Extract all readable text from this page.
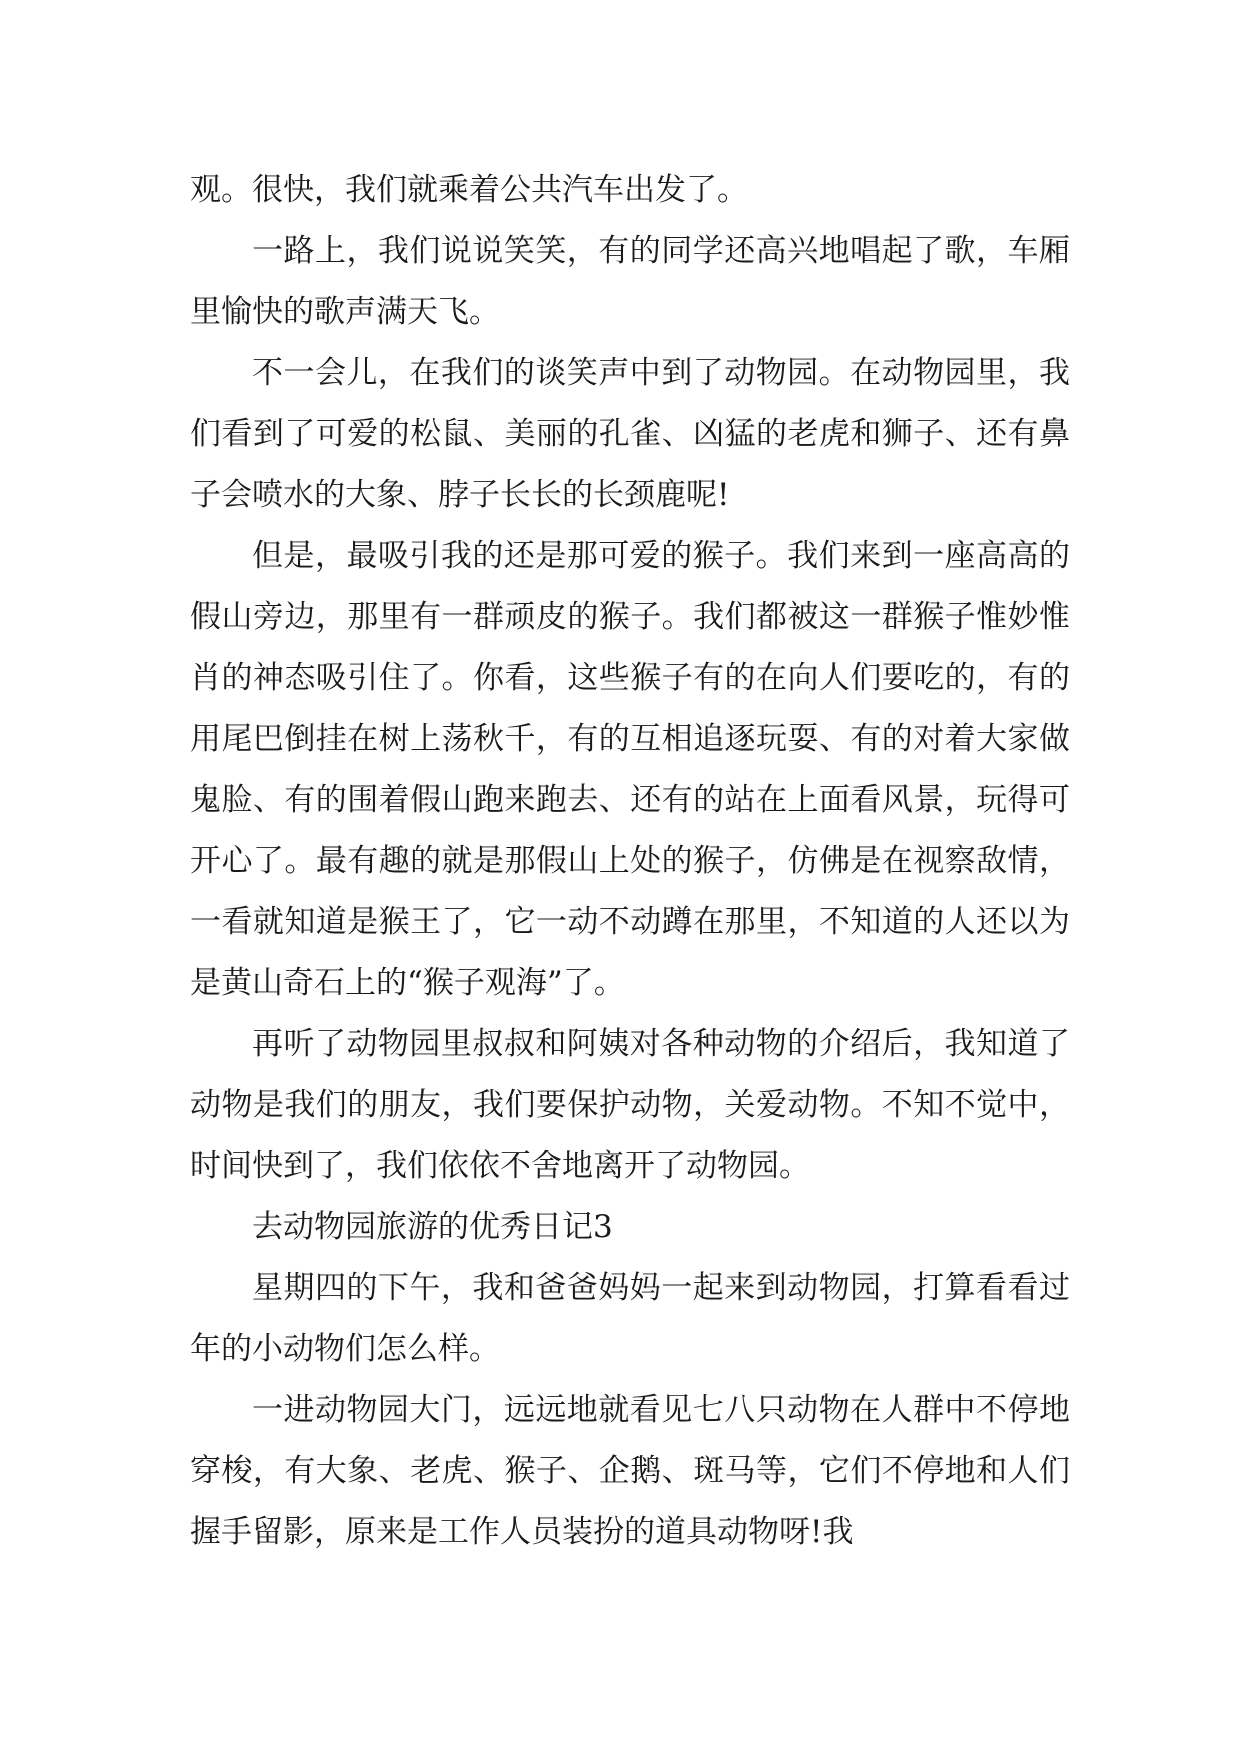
观。很快，我们就乘着公共汽车出发了。

一路上，我们说说笑笑，有的同学还高兴地唱起了歌，车厢里愉快的歌声满天飞。

不一会儿，在我们的谈笑声中到了动物园。在动物园里，我们看到了可爱的松鼠、美丽的孔雀、凶猛的老虎和狮子、还有鼻子会喷水的大象、脖子长长的长颈鹿呢!

但是，最吸引我的还是那可爱的猴子。我们来到一座高高的假山旁边，那里有一群顽皮的猴子。我们都被这一群猴子惟妙惟肖的神态吸引住了。你看，这些猴子有的在向人们要吃的，有的用尾巴倒挂在树上荡秋千，有的互相追逐玩耍、有的对着大家做鬼脸、有的围着假山跑来跑去、还有的站在上面看风景，玩得可开心了。最有趣的就是那假山上处的猴子，仿佛是在视察敌情，一看就知道是猴王了，它一动不动蹲在那里，不知道的人还以为是黄山奇石上的“猴子观海”了。

再听了动物园里叔叔和阿姨对各种动物的介绍后，我知道了动物是我们的朋友，我们要保护动物，关爱动物。不知不觉中，时间快到了，我们依依不舍地离开了动物园。

去动物园旅游的优秀日记3

星期四的下午，我和爸爸妈妈一起来到动物园，打算看看过年的小动物们怎么样。

一进动物园大门，远远地就看见七八只动物在人群中不停地穿梭，有大象、老虎、猴子、企鹅、斑马等，它们不停地和人们握手留影，原来是工作人员装扮的道具动物呀!我
